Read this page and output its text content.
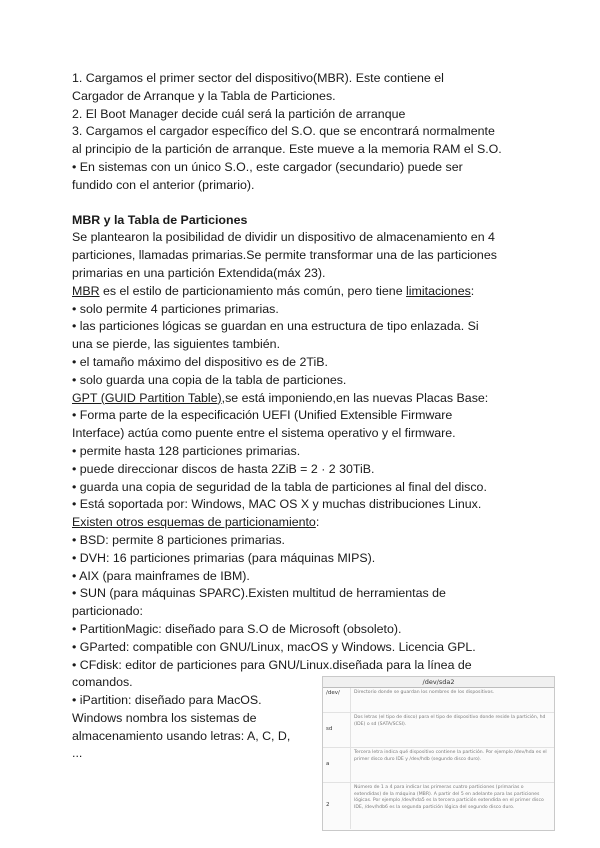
1. Cargamos el primer sector del dispositivo(MBR). Este contiene el
Cargador de Arranque y la Tabla de Particiones.
2. El Boot Manager decide cuál será la partición de arranque
3. Cargamos el cargador específico del S.O. que se encontrará normalmente
al principio de la partición de arranque. Este mueve a la memoria RAM el S.O.
• En sistemas con un único S.O., este cargador (secundario) puede ser
fundido con el anterior (primario).
MBR y la Tabla de Particiones
Se plantearon la posibilidad de dividir un dispositivo de almacenamiento en 4
particiones, llamadas primarias.Se permite transformar una de las particiones
primarias en una partición Extendida(máx 23).
MBR es el estilo de particionamiento más común, pero tiene limitaciones:
• solo permite 4 particiones primarias.
• las particiones lógicas se guardan en una estructura de tipo enlazada. Si
una se pierde, las siguientes también.
• el tamaño máximo del dispositivo es de 2TiB.
• solo guarda una copia de la tabla de particiones.
GPT (GUID Partition Table),se está imponiendo,en las nuevas Placas Base:
• Forma parte de la especificación UEFI (Unified Extensible Firmware
Interface) actúa como puente entre el sistema operativo y el firmware.
• permite hasta 128 particiones primarias.
• puede direccionar discos de hasta 2ZiB = 2 · 2 30TiB.
• guarda una copia de seguridad de la tabla de particiones al final del disco.
• Está soportada por: Windows, MAC OS X y muchas distribuciones Linux.
Existen otros esquemas de particionamiento:
• BSD: permite 8 particiones primarias.
• DVH: 16 particiones primarias (para máquinas MIPS).
• AIX (para mainframes de IBM).
• SUN (para máquinas SPARC).Existen multitud de herramientas de
particionado:
• PartitionMagic: diseñado para S.O de Microsoft (obsoleto).
• GParted: compatible con GNU/Linux, macOS y Windows. Licencia GPL.
• CFdisk: editor de particiones para GNU/Linux.diseñada para la línea de
comandos.
• iPartition: diseñado para MacOS.
Windows nombra los sistemas de
almacenamiento usando letras: A, C, D,
...
/dev/sda2
/dev/	Directorio donde se guardan los nombres de los dispositivos.
sd
Dos letras (el tipo de disco) para el tipo de dispositivo donde reside la partición, hd (IDE) o sd (SATA/SCSI).
a
Tercera letra indica qué dispositivo contiene la partición. Por ejemplo /dev/hda es el primer disco duro IDE y /dev/hdb (segundo disco duro).
2
Número de 1 a 4 para indicar las primeras cuatro particiones (primarias o extendidas) de la máquina (MBR). A partir del 5 en adelante para las particiones lógicas. Por ejemplo /dev/hda5 es la tercera partición extendida en el primer disco IDE, /dev/hdb6 es la segunda partición lógica del segundo disco duro.
